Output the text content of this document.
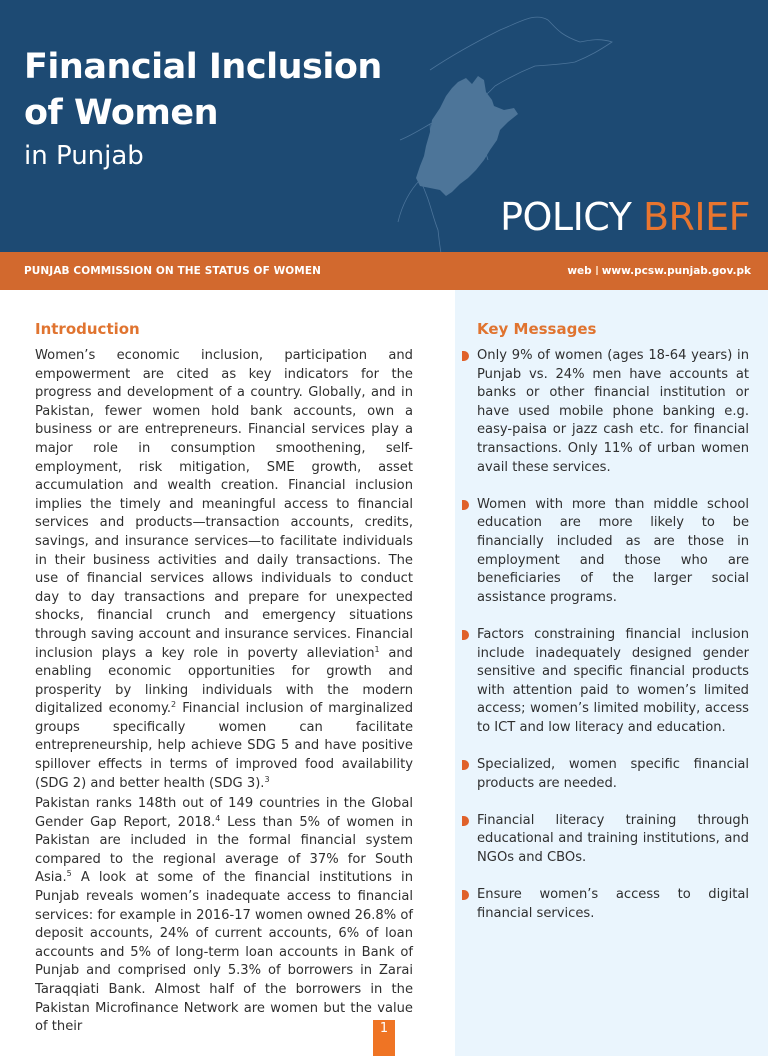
Financial Inclusion
of Women
in Punjab
POLICY BRIEF
PUNJAB COMMISSION ON THE STATUS OF WOMEN	web www.pcsw.punjab.gov.pk
Introduction

Women’s economic inclusion, participation and empowerment are cited as key indicators for the progress and development of a country. Globally, and in Pakistan, fewer women hold bank accounts, own a business or are entrepreneurs. Financial services play a major role in consumption smoothening, self-employment, risk mitigation, SME growth, asset accumulation and wealth creation. Financial inclusion implies the timely and meaningful access to financial services and products—transaction accounts, credits, savings, and insurance services—to facilitate individuals in their business activities and daily transactions. The use of financial services allows individuals to conduct day to day transactions and prepare for unexpected shocks, financial crunch and emergency situations through saving account and insurance services. Financial inclusion plays a key role in poverty alleviation$^1$ and enabling economic opportunities for growth and prosperity by linking individuals with the modern digitalized economy.$^2$ Financial inclusion of marginalized groups specifically women can facilitate entrepreneurship, help achieve SDG 5 and have positive spillover effects in terms of improved food availability (SDG 2) and better health (SDG 3).$^3$

Pakistan ranks 148th out of 149 countries in the Global Gender Gap Report, 2018.$^4$ Less than 5% of women in Pakistan are included in the formal financial system compared to the regional average of 37% for South Asia.$^5$ A look at some of the financial institutions in Punjab reveals women’s inadequate access to financial services: for example in 2016-17 women owned 26.8% of deposit accounts, 24% of current accounts, 6% of loan accounts and 5% of long-term loan accounts in Bank of Punjab and comprised only 5.3% of borrowers in Zarai Taraqqiati Bank. Almost half of the borrowers in the Pakistan Microfinance Network are women but the value of their

Key Messages
Only 9% of women (ages 18-64 years) in Punjab vs. 24% men have accounts at banks or other financial institution or have used mobile phone banking e.g. easy-paisa or jazz cash etc. for financial transactions. Only 11% of urban women avail these services.
Women with more than middle school education are more likely to be financially included as are those in employment and those who are beneficiaries of the larger social assistance programs.
Factors constraining financial inclusion include inadequately designed gender sensitive and specific financial products with attention paid to women’s limited access; women’s limited mobility, access to ICT and low literacy and education.
Specialized, women specific financial products are needed.
Financial literacy training through educational and training institutions, and NGOs and CBOs.
Ensure women’s access to digital financial services.
1
